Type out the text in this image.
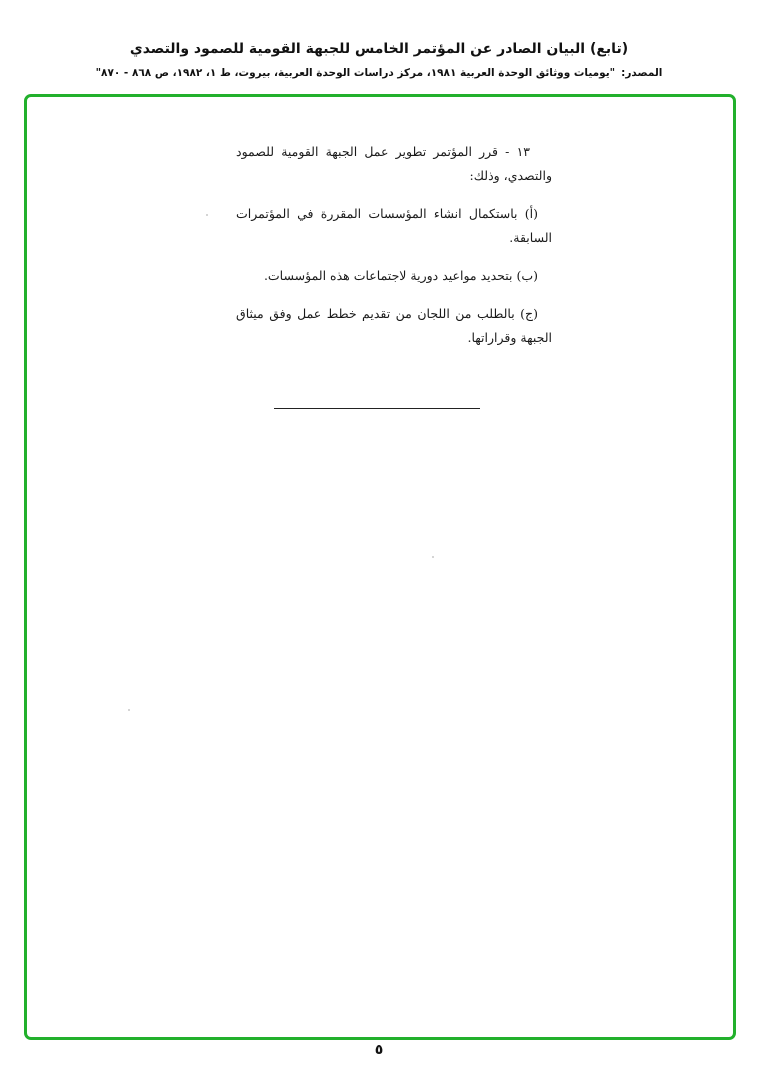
(تابع) البيان الصادر عن المؤتمر الخامس للجبهة القومية للصمود والتصدي
المصدر:"يوميات ووثائق الوحدة العربية ١٩٨١، مركز دراسات الوحدة العربية، بيروت، ط ١، ١٩٨٢، ص ٨٦٨ - ٨٧٠"

١٣ - قرر المؤتمر تطوير عمل الجبهة القومية للصمود والتصدي، وذلك:

(أ) باستكمال انشاء المؤسسات المقررة في المؤتمرات السابقة.

(ب) بتحديد مواعيد دورية لاجتماعات هذه المؤسسات.

(ج) بالطلب من اللجان من تقديم خطط عمل وفق ميثاق الجبهة وقراراتها.

٥
